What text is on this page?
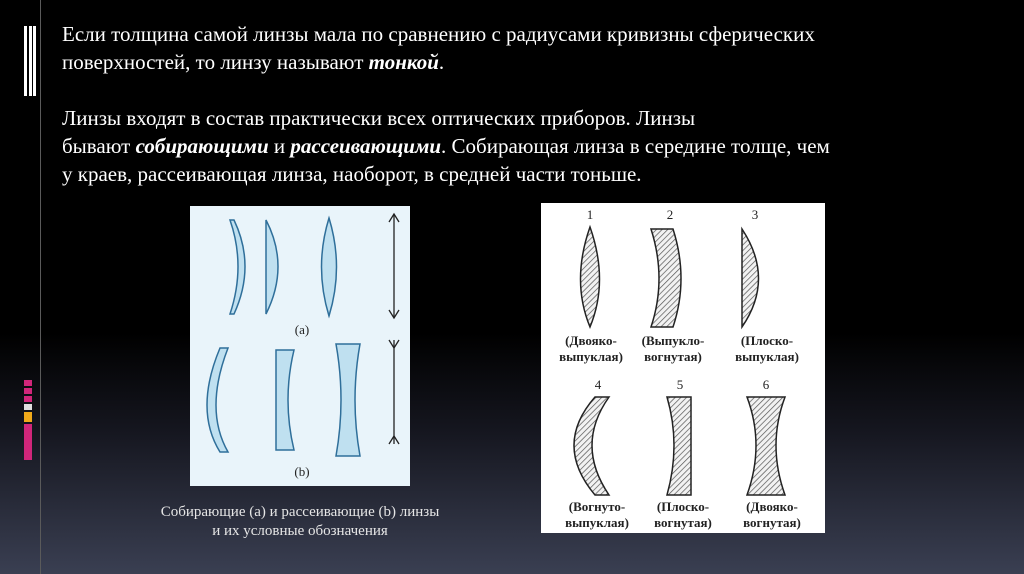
Если толщина самой линзы мала по сравнению с радиусами кривизны сферических
поверхностей, то линзу называют тонкой.
Линзы входят в состав практически всех оптических приборов. Линзы
бывают собирающими и рассеивающими. Собирающая линза в середине толще, чем
у краев, рассеивающая линза, наоборот, в средней части тоньше.
(a)
(b)
1	2	3
4	5	6
(Двояко-
выпуклая)
(Выпукло-
вогнутая)
(Плоско-
выпуклая)
(Вогнуто-
выпуклая)
(Плоско-
вогнутая)
(Двояко-
вогнутая)
Собирающие (а) и рассеивающие (b) линзы
и их условные обозначения
